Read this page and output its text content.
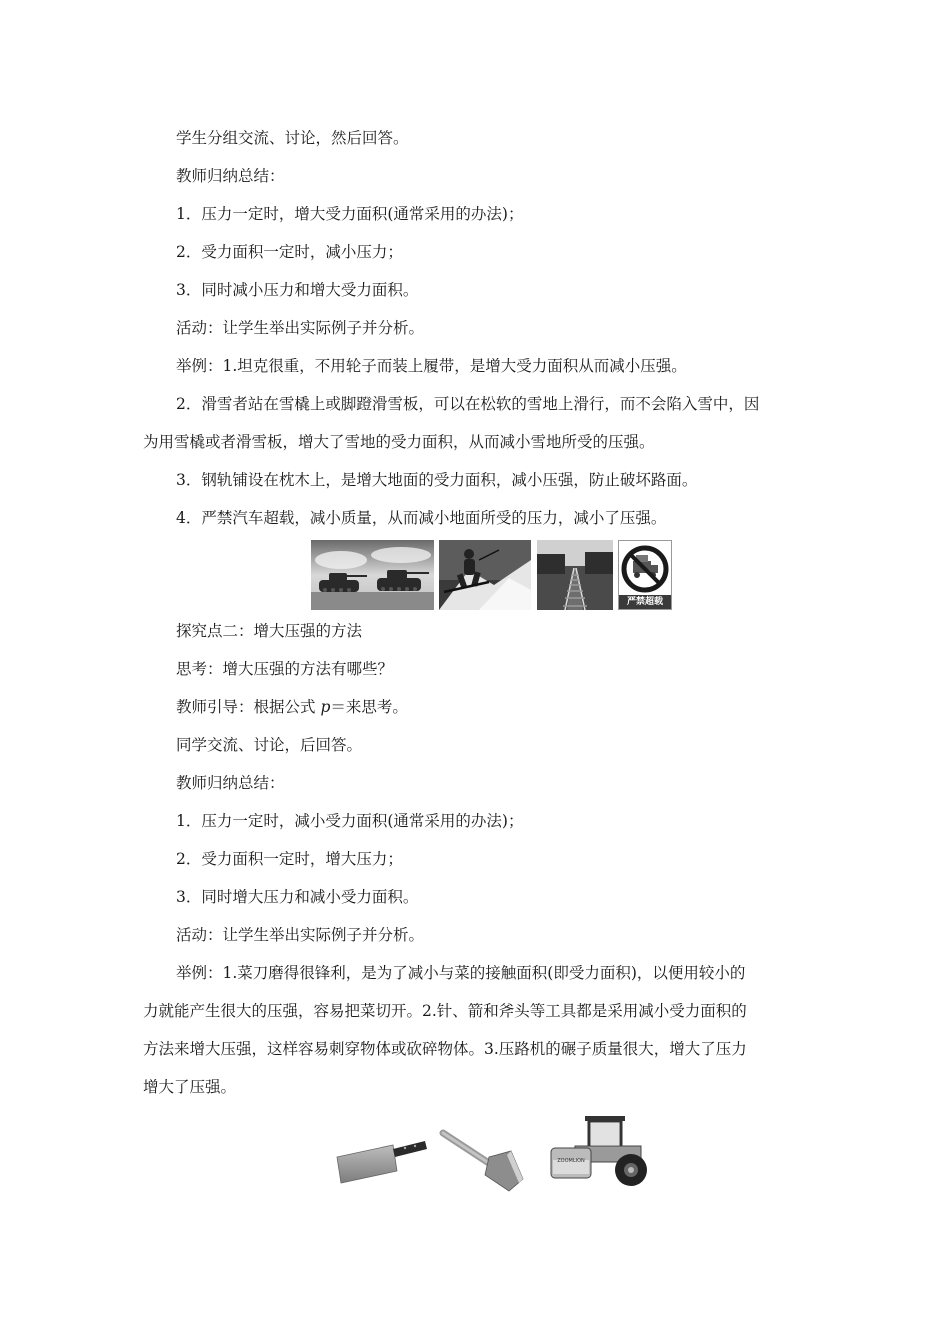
学生分组交流、讨论，然后回答。
教师归纳总结：
1．压力一定时，增大受力面积(通常采用的办法)；
2．受力面积一定时，减小压力；
3．同时减小压力和增大受力面积。
活动：让学生举出实际例子并分析。
举例：1.坦克很重，不用轮子而装上履带，是增大受力面积从而减小压强。
2．滑雪者站在雪橇上或脚蹬滑雪板，可以在松软的雪地上滑行，而不会陷入雪中，因
为用雪橇或者滑雪板，增大了雪地的受力面积，从而减小雪地所受的压强。
3．钢轨铺设在枕木上，是增大地面的受力面积，减小压强，防止破坏路面。
4．严禁汽车超载，减小质量，从而减小地面所受的压力，减小了压强。
严禁超载
探究点二：增大压强的方法
思考：增大压强的方法有哪些？
教师引导：根据公式 p＝来思考。
同学交流、讨论，后回答。
教师归纳总结：
1．压力一定时，减小受力面积(通常采用的办法)；
2．受力面积一定时，增大压力；
3．同时增大压力和减小受力面积。
活动：让学生举出实际例子并分析。
举例：1.菜刀磨得很锋利，是为了减小与菜的接触面积(即受力面积)，以便用较小的
力就能产生很大的压强，容易把菜切开。2.针、箭和斧头等工具都是采用减小受力面积的
方法来增大压强，这样容易刺穿物体或砍碎物体。3.压路机的碾子质量很大，增大了压力
增大了压强。
ZOOMLION
